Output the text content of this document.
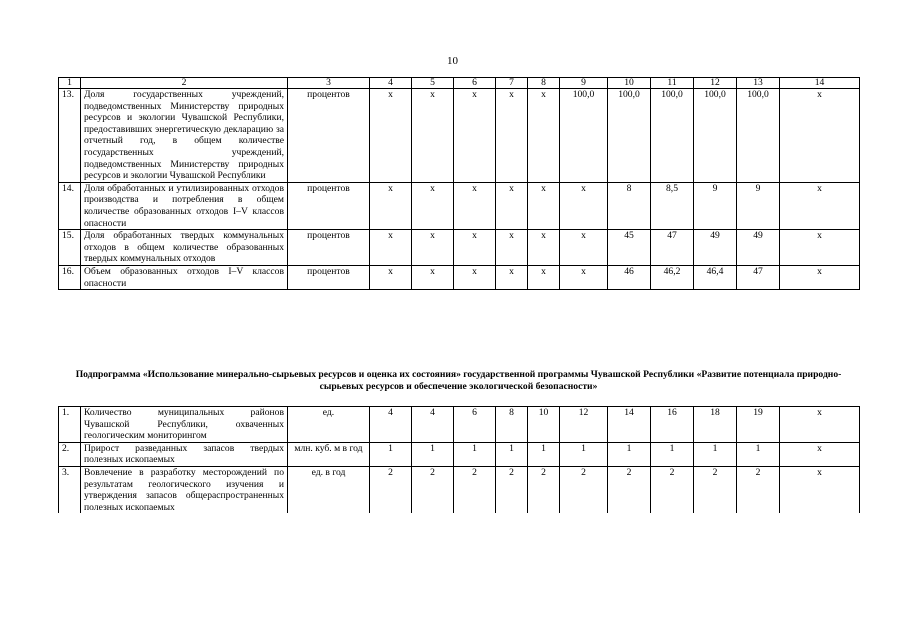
10
1	2	3	4	5	6	7	8	9	10	11	12	13	14
13.	Доля государственных учреждений, подведомственных Министерству природных ресурсов и экологии Чувашской Республики, предоставивших энергетическую декларацию за отчетный год, в общем количестве государственных учреждений, подведомственных Министерству природных ресурсов и экологии Чувашской Республики	процентов	х	х	х	х	х	100,0	100,0	100,0	100,0	100,0	х
14.	Доля обработанных и утилизированных отходов производства и потребления в общем количестве образованных отходов I–V классов опасности	процентов	х	х	х	х	х	х	8	8,5	9	9	х
15.	Доля обработанных твердых коммунальных отходов в общем количестве образованных твердых коммунальных отходов	процентов	х	х	х	х	х	х	45	47	49	49	х
16.	Объем образованных отходов I–V классов опасности	процентов	х	х	х	х	х	х	46	46,2	46,4	47	х
Подпрограмма «Использование минерально-сырьевых ресурсов и оценка их состояния» государственной программы Чувашской Республики «Развитие потенциала природно-сырьевых ресурсов и обеспечение экологической безопасности»
1.	Количество муниципальных районов Чувашской Республики, охваченных геологическим мониторингом	ед.	4	4	6	8	10	12	14	16	18	19	х
2.	Прирост разведанных запасов твердых полезных ископаемых	млн. куб. м в год	1	1	1	1	1	1	1	1	1	1	х
3.	Вовлечение в разработку месторождений по результатам геологического изучения и утверждения запасов общераспространенных полезных ископаемых	ед. в год	2	2	2	2	2	2	2	2	2	2	х
